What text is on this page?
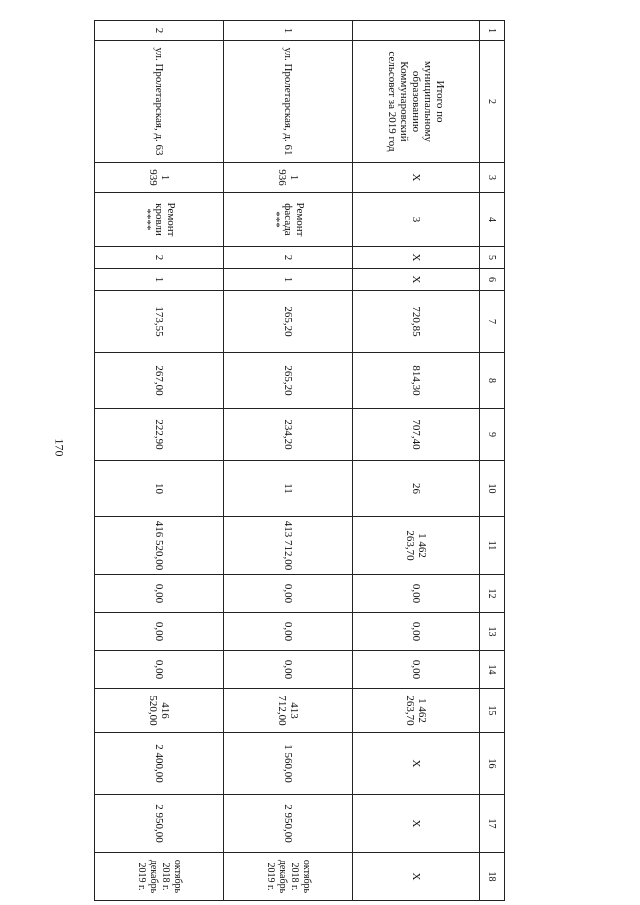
170
1	2	3	4	5	6	7	8	9	10	11	12	13	14	15	16	17	18
	Итого по муниципальному образованию Коммунаровский сельсовет за 2019 год	X	3	X	X	720,85	814,30	707,40	26	1 462 263,70	0,00	0,00	0,00	1 462 263,70	X	X	X
1	ул. Пролетарская, д. 61	1 936	Ремонт фасада ***	2	1	265,20	265,20	234,20	11	413 712,00	0,00	0,00	0,00	413 712,00	1 560,00	2 950,00	октябрь 2018 г. декабрь 2019 г.
2	ул. Пролетарская, д. 63	1 939	Ремонт кровли ****	2	1	173,55	267,00	222,90	10	416 520,00	0,00	0,00	0,00	416 520,00	2 400,00	2 950,00	октябрь 2018 г. декабрь 2019 г.
